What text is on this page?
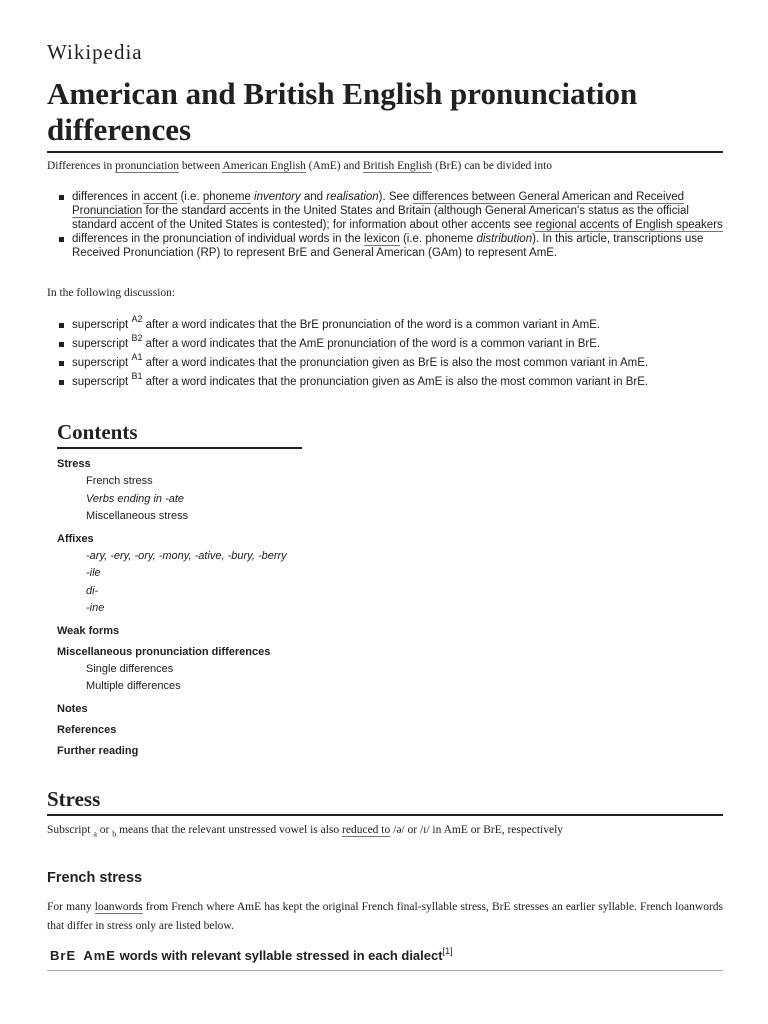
Wikipedia
American and British English pronunciation differences
Differences in pronunciation between American English (AmE) and British English (BrE) can be divided into
differences in accent (i.e. phoneme inventory and realisation). See differences between General American and Received Pronunciation for the standard accents in the United States and Britain (although General American's status as the official standard accent of the United States is contested); for information about other accents see regional accents of English speakers
differences in the pronunciation of individual words in the lexicon (i.e. phoneme distribution). In this article, transcriptions use Received Pronunciation (RP) to represent BrE and General American (GAm) to represent AmE.
In the following discussion:
superscript $^{A2}$ after a word indicates that the BrE pronunciation of the word is a common variant in AmE.
superscript $^{B2}$ after a word indicates that the AmE pronunciation of the word is a common variant in BrE.
superscript $^{A1}$ after a word indicates that the pronunciation given as BrE is also the most common variant in AmE.
superscript $^{B1}$ after a word indicates that the pronunciation given as AmE is also the most common variant in BrE.
Contents
Stress
French stress
Verbs ending in -ate
Miscellaneous stress
Affixes
-ary, -ery, -ory, -mony, -ative, -bury, -berry
-ile
di-
-ine
Weak forms
Miscellaneous pronunciation differences
Single differences
Multiple differences
Notes
References
Further reading
Stress
Subscript $_a$ or $_b$ means that the relevant unstressed vowel is also reduced to /ə/ or /ɪ/ in AmE or BrE, respectively
French stress
For many loanwords from French where AmE has kept the original French final-syllable stress, BrE stresses an earlier syllable. French loanwords that differ in stress only are listed below.
BrE AmE words with relevant syllable stressed in each dialect[1]
